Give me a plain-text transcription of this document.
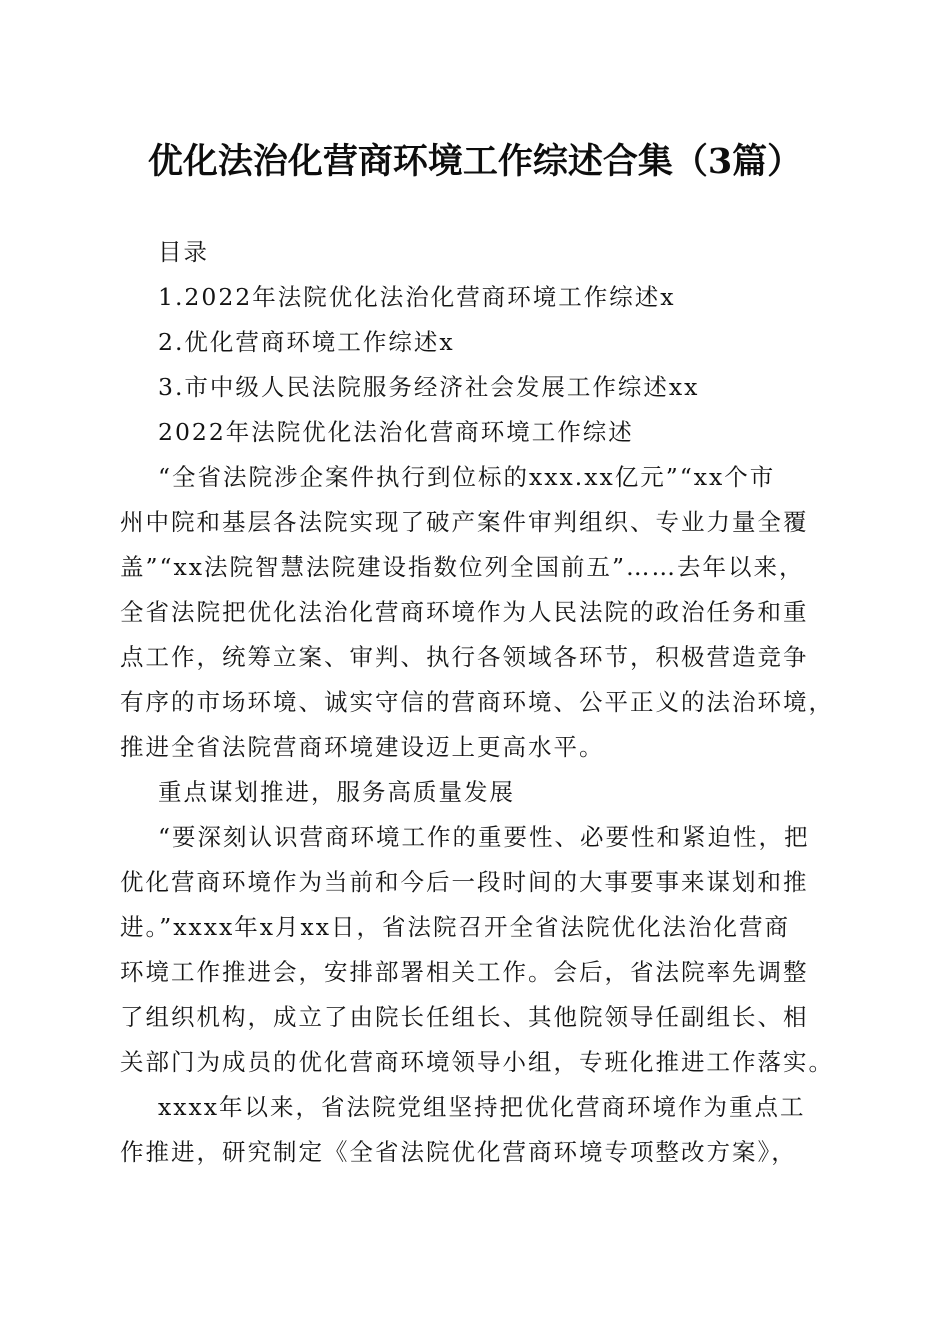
优化法治化营商环境工作综述合集（3篇）
目录
1.2022年法院优化法治化营商环境工作综述x
2.优化营商环境工作综述x
3.市中级人民法院服务经济社会发展工作综述xx
2022年法院优化法治化营商环境工作综述
“全省法院涉企案件执行到位标的xxx.xx亿元”“xx个市
州中院和基层各法院实现了破产案件审判组织、专业力量全覆
盖”“xx法院智慧法院建设指数位列全国前五”……去年以来，
全省法院把优化法治化营商环境作为人民法院的政治任务和重
点工作，统筹立案、审判、执行各领域各环节，积极营造竞争
有序的市场环境、诚实守信的营商环境、公平正义的法治环境，
推进全省法院营商环境建设迈上更高水平。
重点谋划推进，服务高质量发展
“要深刻认识营商环境工作的重要性、必要性和紧迫性，把
优化营商环境作为当前和今后一段时间的大事要事来谋划和推
进。”xxxx年x月xx日，省法院召开全省法院优化法治化营商
环境工作推进会，安排部署相关工作。会后，省法院率先调整
了组织机构，成立了由院长任组长、其他院领导任副组长、相
关部门为成员的优化营商环境领导小组，专班化推进工作落实。
xxxx年以来，省法院党组坚持把优化营商环境作为重点工
作推进，研究制定《全省法院优化营商环境专项整改方案》，
